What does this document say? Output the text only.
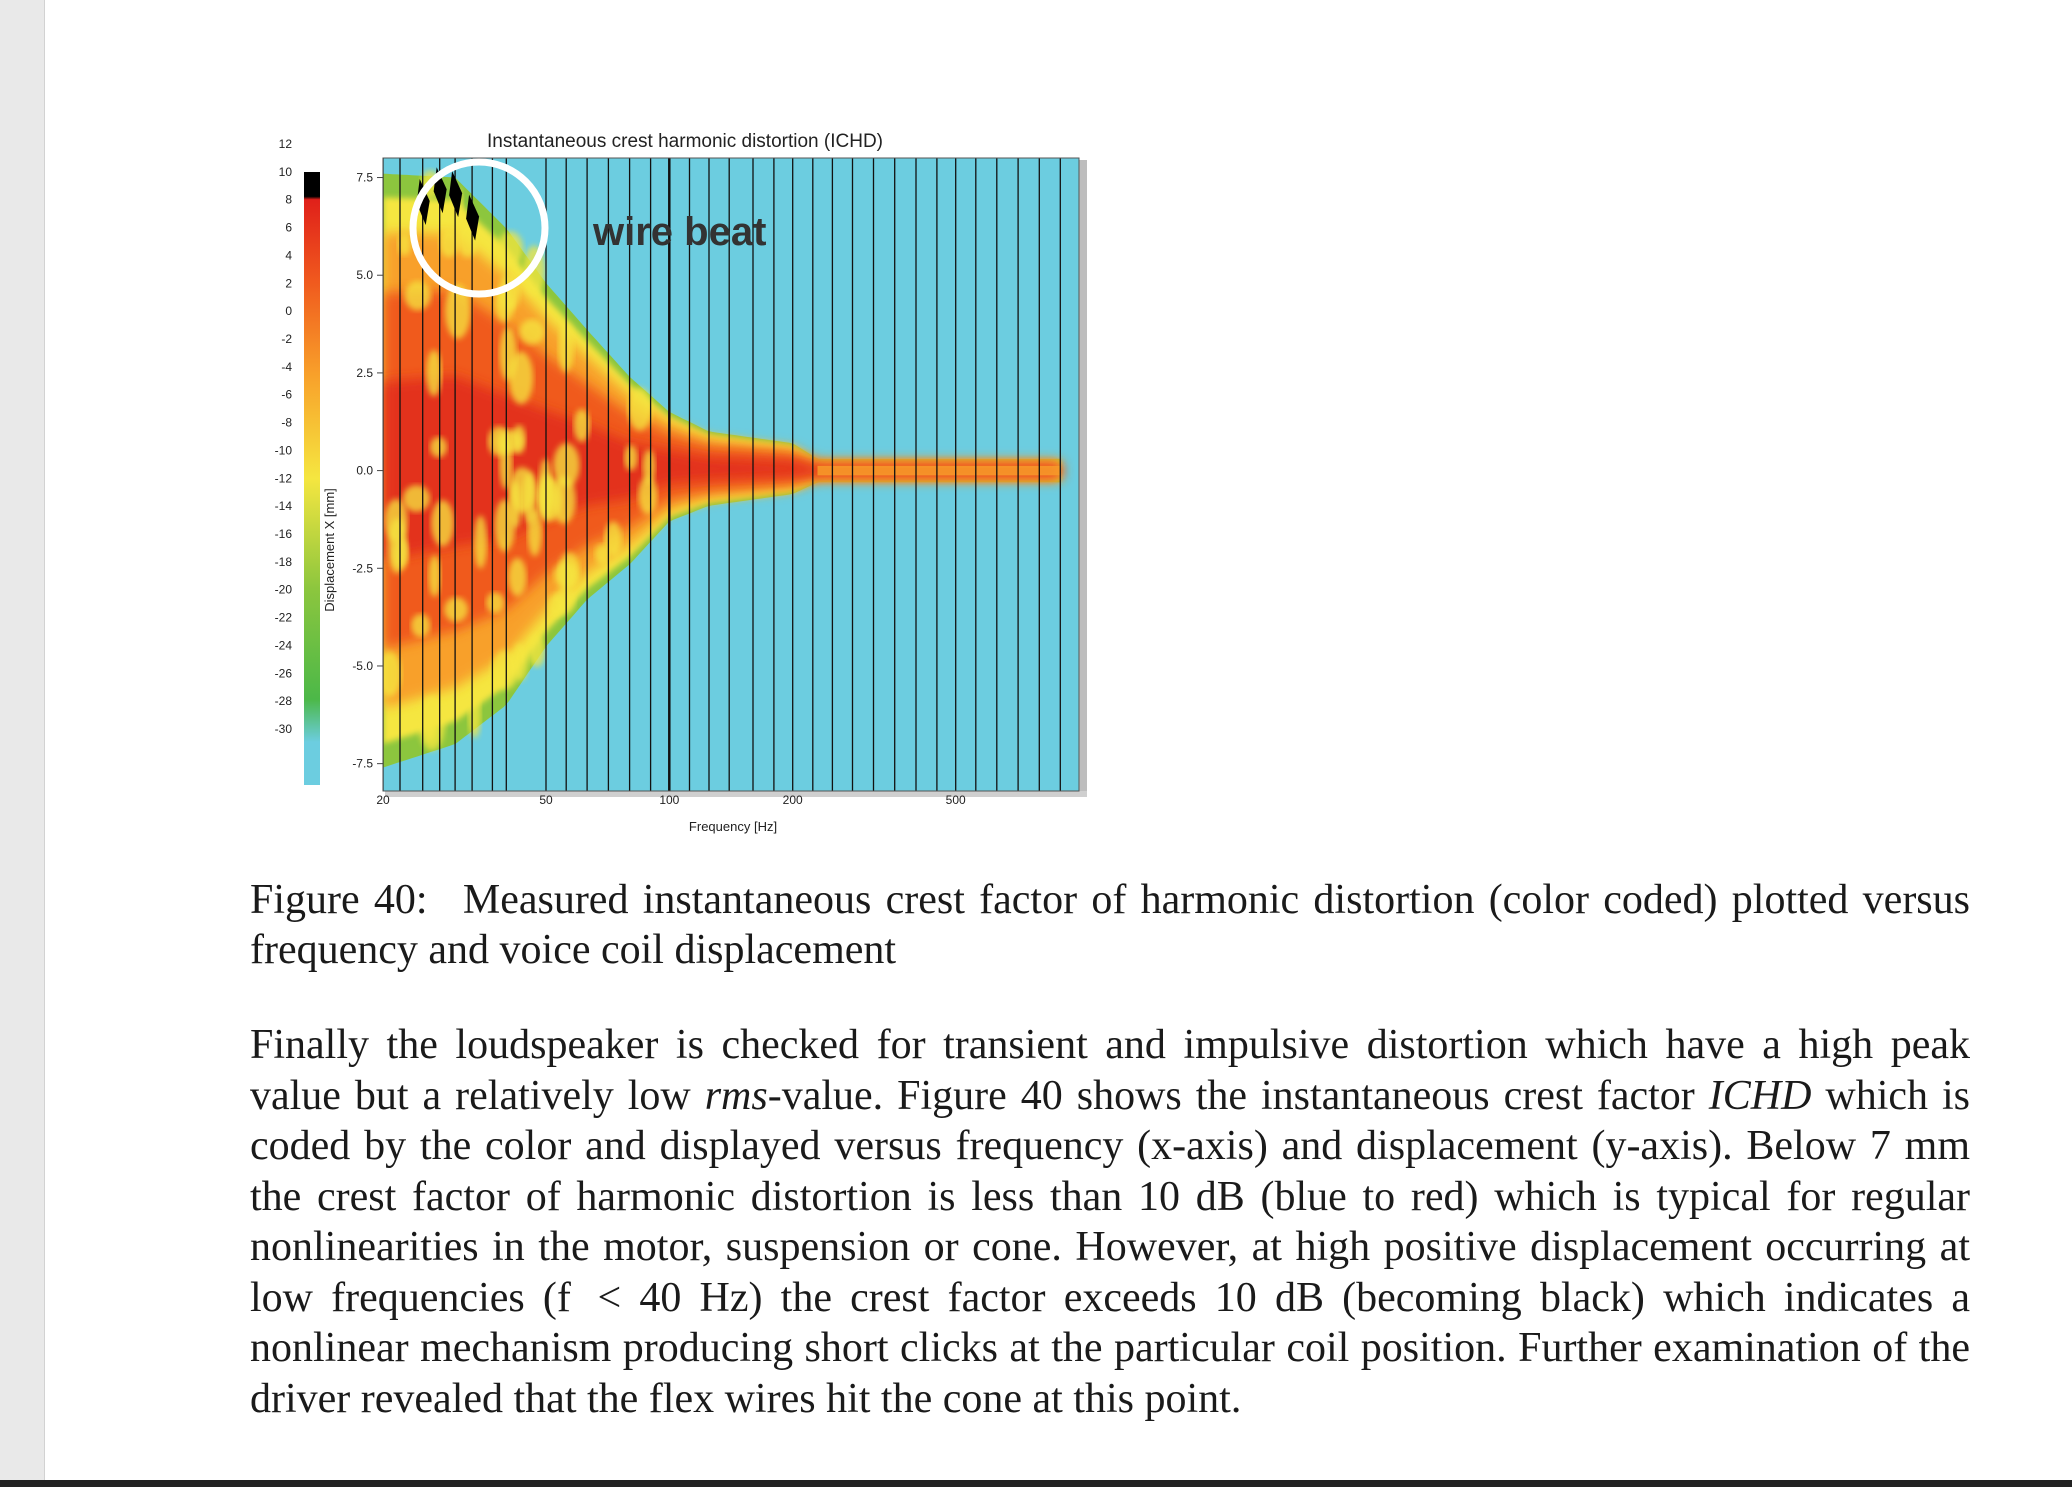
12
10
8
6
4
2
0
-2
-4
-6
-8
-10
-12
-14
-16
-18
-20
-22
-24
-26
-28
-30
7.5
5.0
2.5
0.0
-2.5
-5.0
-7.5
20	50	100	200	500
Instantaneous crest harmonic distortion (ICHD)
Frequency [Hz]
Displacement X [mm]
wire beat
Figure 40:  Measured instantaneous crest factor of harmonic distortion (color coded) plotted versus frequency and voice coil displacement
Finally the loudspeaker is checked for transient and impulsive distortion which have a high peak value but a relatively low rms-value. Figure 40 shows the instantaneous crest factor ICHD which is coded by the color and displayed versus frequency (x-axis) and displacement (y-axis). Below 7 mm the crest factor of harmonic distortion is less than 10 dB (blue to red) which is typical for regular nonlinearities in the motor, suspension or cone. However, at high positive displacement occurring at low frequencies (f  < 40 Hz) the crest factor exceeds 10 dB (becoming black) which indicates a nonlinear mechanism producing short clicks at the particular coil position. Further examination of the driver revealed that the flex wires hit the cone at this point.
